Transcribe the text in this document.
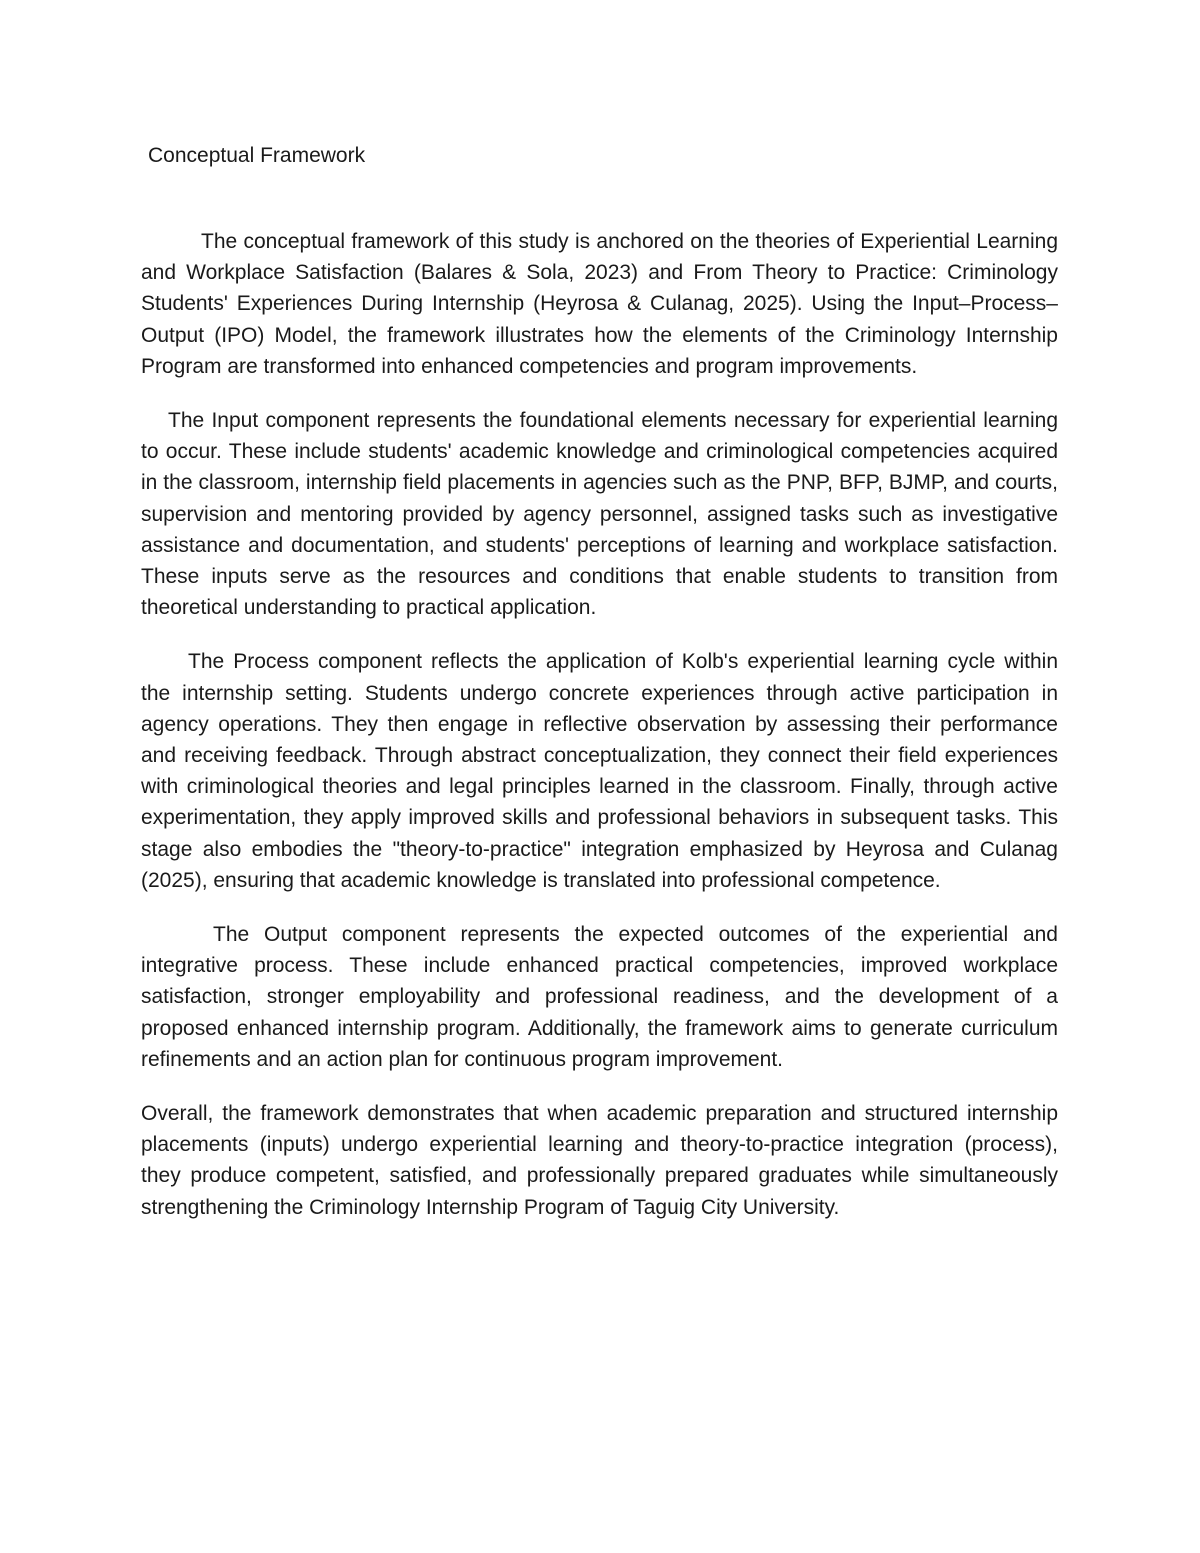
Conceptual Framework

The conceptual framework of this study is anchored on the theories of Experiential Learning and Workplace Satisfaction (Balares & Sola, 2023) and From Theory to Practice: Criminology Students' Experiences During Internship (Heyrosa & Culanag, 2025). Using the Input–Process–Output (IPO) Model, the framework illustrates how the elements of the Criminology Internship Program are transformed into enhanced competencies and program improvements.

The Input component represents the foundational elements necessary for experiential learning to occur. These include students' academic knowledge and criminological competencies acquired in the classroom, internship field placements in agencies such as the PNP, BFP, BJMP, and courts, supervision and mentoring provided by agency personnel, assigned tasks such as investigative assistance and documentation, and students' perceptions of learning and workplace satisfaction. These inputs serve as the resources and conditions that enable students to transition from theoretical understanding to practical application.

The Process component reflects the application of Kolb's experiential learning cycle within the internship setting. Students undergo concrete experiences through active participation in agency operations. They then engage in reflective observation by assessing their performance and receiving feedback. Through abstract conceptualization, they connect their field experiences with criminological theories and legal principles learned in the classroom. Finally, through active experimentation, they apply improved skills and professional behaviors in subsequent tasks. This stage also embodies the "theory-to-practice" integration emphasized by Heyrosa and Culanag (2025), ensuring that academic knowledge is translated into professional competence.

The Output component represents the expected outcomes of the experiential and integrative process. These include enhanced practical competencies, improved workplace satisfaction, stronger employability and professional readiness, and the development of a proposed enhanced internship program. Additionally, the framework aims to generate curriculum refinements and an action plan for continuous program improvement.

Overall, the framework demonstrates that when academic preparation and structured internship placements (inputs) undergo experiential learning and theory-to-practice integration (process), they produce competent, satisfied, and professionally prepared graduates while simultaneously strengthening the Criminology Internship Program of Taguig City University.
